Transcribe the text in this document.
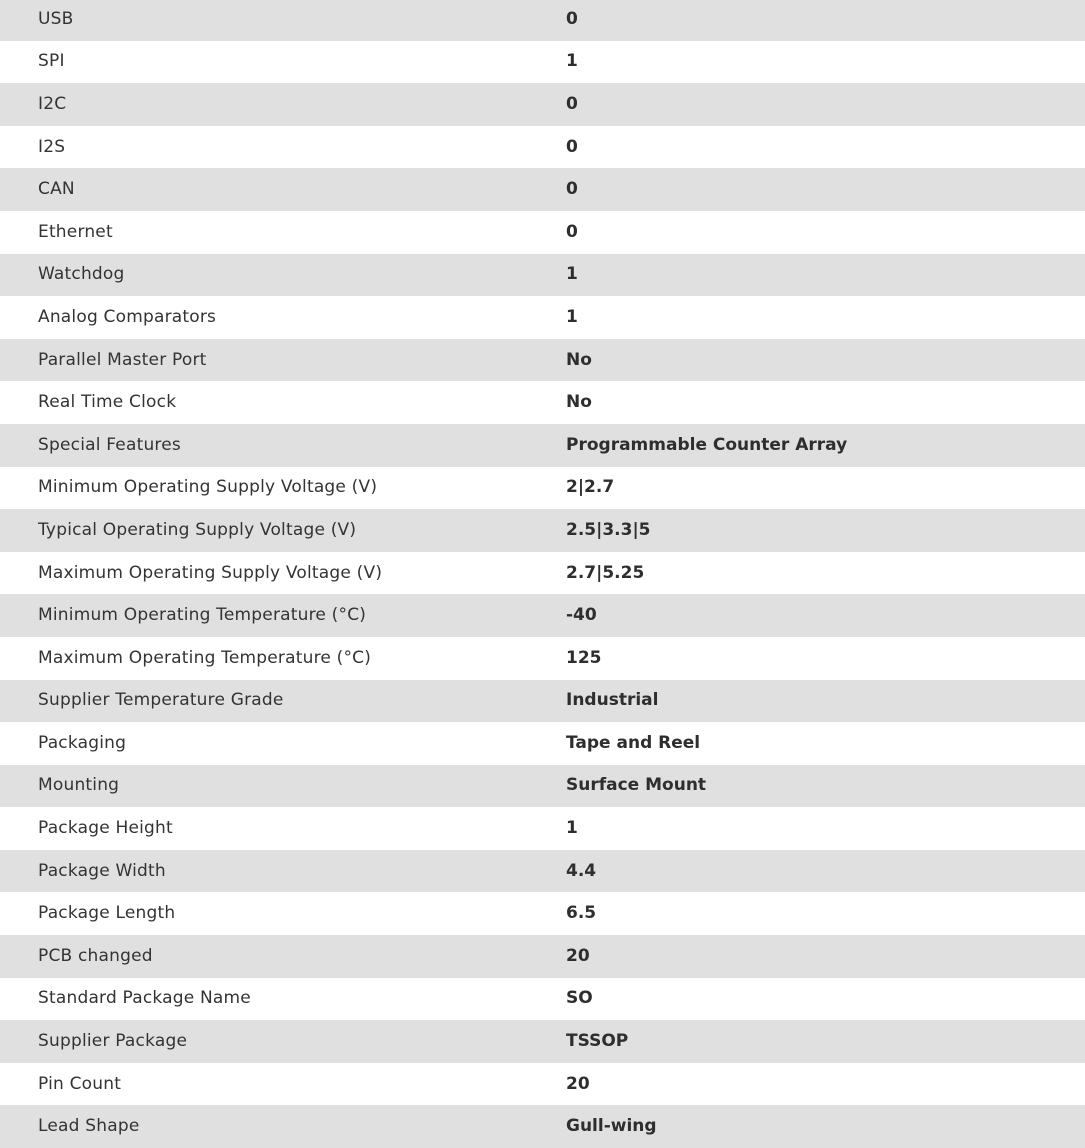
USB	0
SPI	1
I2C	0
I2S	0
CAN	0
Ethernet	0
Watchdog	1
Analog Comparators	1
Parallel Master Port	No
Real Time Clock	No
Special Features	Programmable Counter Array
Minimum Operating Supply Voltage (V)	2|2.7
Typical Operating Supply Voltage (V)	2.5|3.3|5
Maximum Operating Supply Voltage (V)	2.7|5.25
Minimum Operating Temperature (°C)	-40
Maximum Operating Temperature (°C)	125
Supplier Temperature Grade	Industrial
Packaging	Tape and Reel
Mounting	Surface Mount
Package Height	1
Package Width	4.4
Package Length	6.5
PCB changed	20
Standard Package Name	SO
Supplier Package	TSSOP
Pin Count	20
Lead Shape	Gull-wing
